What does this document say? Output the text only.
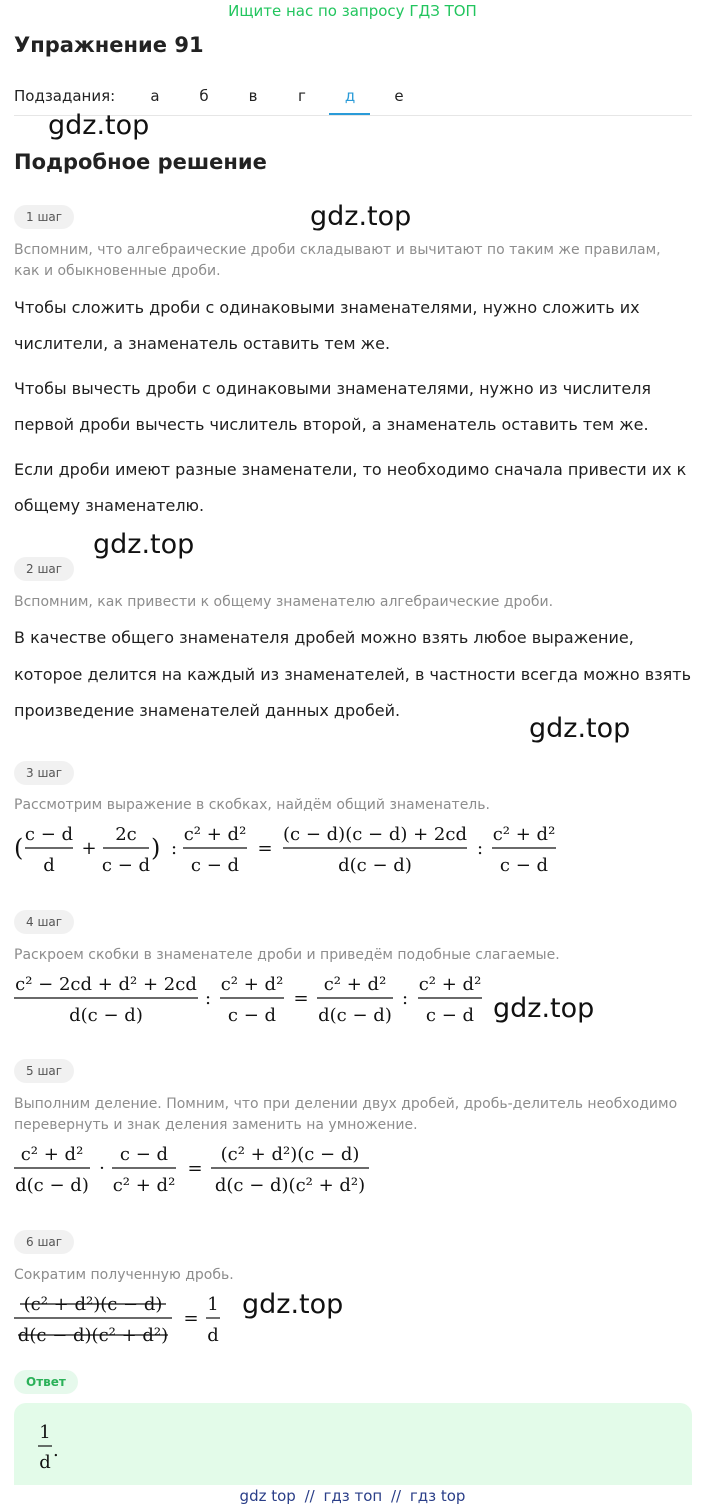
Ищите нас по запросу ГДЗ ТОП
Упражнение 91
Подзадания:	а	б	в	г	д	е
gdz.top
Подробное решение
1 шаг	gdz.top
Вспомним, что алгебраические дроби складывают и вычитают по таким же правилам,
как и обыкновенные дроби.
Чтобы сложить дроби с одинаковыми знаменателями, нужно сложить их
числители, а знаменатель оставить тем же.
Чтобы вычесть дроби с одинаковыми знаменателями, нужно из числителя
первой дроби вычесть числитель второй, а знаменатель оставить тем же.
Если дроби имеют разные знаменатели, то необходимо сначала привести их к
общему знаменателю.
gdz.top
2 шаг
Вспомним, как привести к общему знаменателю алгебраические дроби.
В качестве общего знаменателя дробей можно взять любое выражение,
которое делится на каждый из знаменателей, в частности всегда можно взять
произведение знаменателей данных дробей.
gdz.top
3 шаг
Рассмотрим выражение в скобках, найдём общий знаменатель.
( c − d
d
+
2c
c − d
) :
c² + d²
c − d
=
(c − d)(c − d) + 2cd
d(c − d)
:
c² + d²
c − d
4 шаг
Раскроем скобки в знаменателе дроби и приведём подобные слагаемые.
c² − 2cd + d² + 2cd
d(c − d)
:
c² + d²
c − d
=
c² + d²
d(c − d)
:
c² + d²
c − d gdz.top
5 шаг
Выполним деление. Помним, что при делении двух дробей, дробь-делитель необходимо
перевернуть и знак деления заменить на умножение.
c² + d²
d(c − d)
·
c − d
c² + d²
=
(c² + d²)(c − d)
d(c − d)(c² + d²)
6 шаг
Сократим полученную дробь.
(c² + d²)(c − d)
d(c − d)(c² + d²)
=
1
d
gdz.top
Ответ
1
d
.
gdz top // гдз топ // гдз top
